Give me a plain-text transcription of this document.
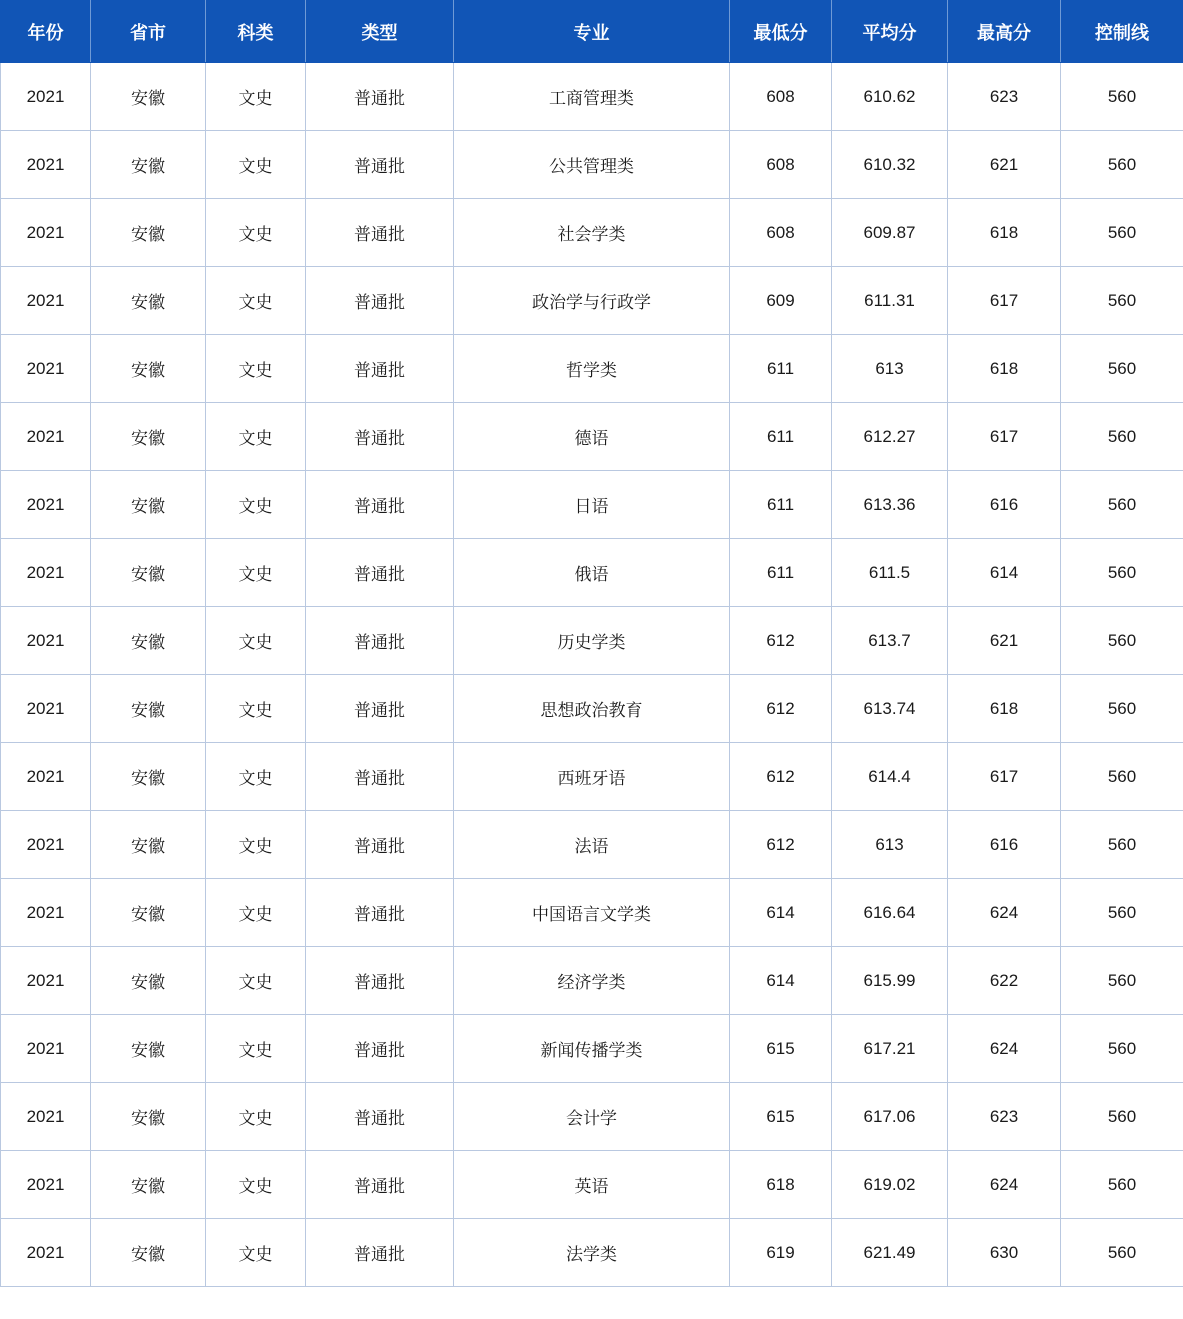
年份	省市	科类	类型	专业	最低分	平均分	最高分	控制线
2021	安徽	文史	普通批	工商管理类	608	610.62	623	560
2021	安徽	文史	普通批	公共管理类	608	610.32	621	560
2021	安徽	文史	普通批	社会学类	608	609.87	618	560
2021	安徽	文史	普通批	政治学与行政学	609	611.31	617	560
2021	安徽	文史	普通批	哲学类	611	613	618	560
2021	安徽	文史	普通批	德语	611	612.27	617	560
2021	安徽	文史	普通批	日语	611	613.36	616	560
2021	安徽	文史	普通批	俄语	611	611.5	614	560
2021	安徽	文史	普通批	历史学类	612	613.7	621	560
2021	安徽	文史	普通批	思想政治教育	612	613.74	618	560
2021	安徽	文史	普通批	西班牙语	612	614.4	617	560
2021	安徽	文史	普通批	法语	612	613	616	560
2021	安徽	文史	普通批	中国语言文学类	614	616.64	624	560
2021	安徽	文史	普通批	经济学类	614	615.99	622	560
2021	安徽	文史	普通批	新闻传播学类	615	617.21	624	560
2021	安徽	文史	普通批	会计学	615	617.06	623	560
2021	安徽	文史	普通批	英语	618	619.02	624	560
2021	安徽	文史	普通批	法学类	619	621.49	630	560
